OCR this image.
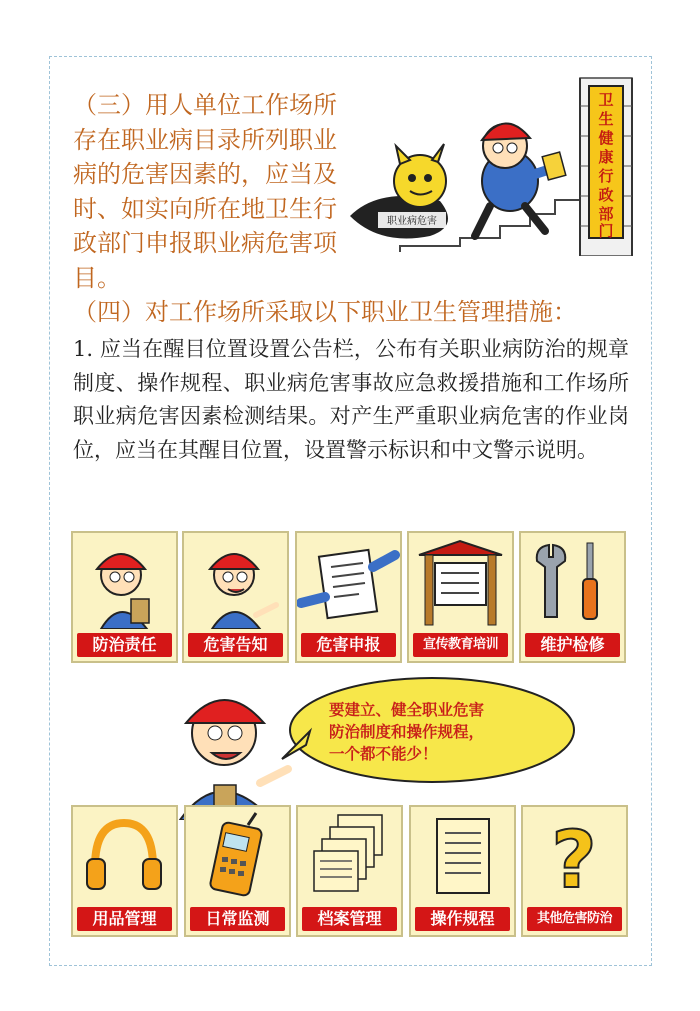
（三）用人单位工作场所存在职业病目录所列职业病的危害因素的，应当及时、如实向所在地卫生行政部门申报职业病危害项目。

卫
生
健
康
行
政
部
门
职业病危害

（四）对工作场所采取以下职业卫生管理措施：

1. 应当在醒目位置设置公告栏，公布有关职业病防治的规章制度、操作规程、职业病危害事故应急救援措施和工作场所职业病危害因素检测结果。对产生严重职业病危害的作业岗位，应当在其醒目位置，设置警示标识和中文警示说明。

防治责任	危害告知	危害申报	宣传教育培训	维护检修
要建立、健全职业危害
防治制度和操作规程，
一个都不能少！
用品管理	日常监测	档案管理	操作规程
?
其他危害防治
